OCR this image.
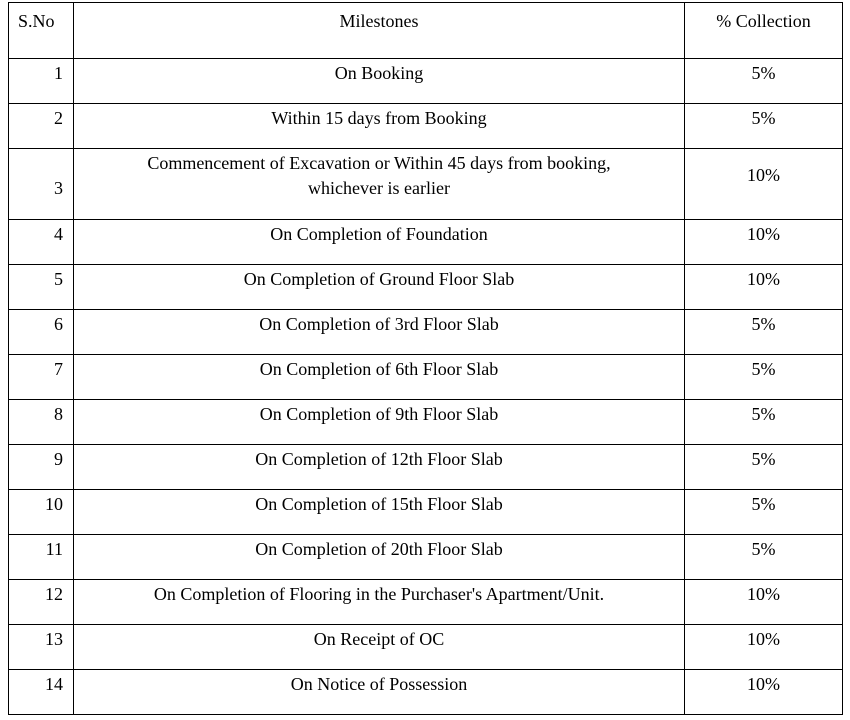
S.No	Milestones	% Collection
1	On Booking	5%
2	Within 15 days from Booking	5%
3	Commencement of Excavation or Within 45 days from booking, whichever is earlier	10%
4	On Completion of Foundation	10%
5	On Completion of Ground Floor Slab	10%
6	On Completion of 3rd Floor Slab	5%
7	On Completion of 6th Floor Slab	5%
8	On Completion of 9th Floor Slab	5%
9	On Completion of 12th Floor Slab	5%
10	On Completion of 15th Floor Slab	5%
11	On Completion of 20th Floor Slab	5%
12	On Completion of Flooring in the Purchaser's Apartment/Unit.	10%
13	On Receipt of OC	10%
14	On Notice of Possession	10%
